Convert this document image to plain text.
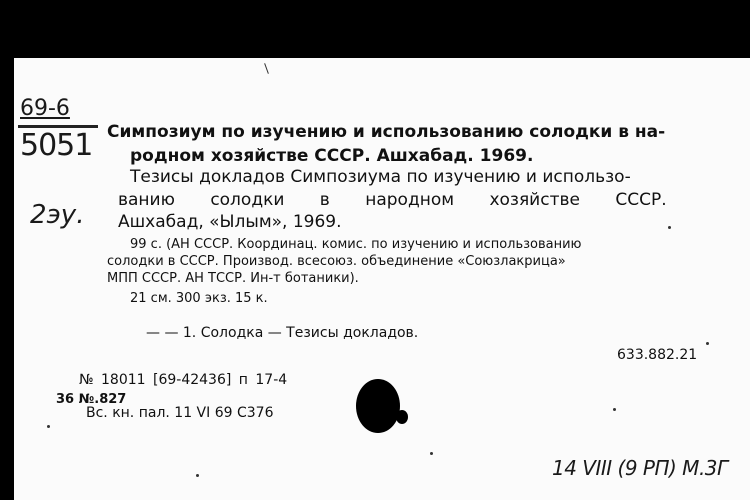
69-6
5051 Симпозиум по изучению и использованию солодки в на-
родном хозяйстве СССР. Ашхабад. 1969.
Тезисы докладов Симпозиума по изучению и использо-
ванию солодки в народном хозяйстве СССР.
Ашхабад, «Ылым», 1969.
2эу.
99 с. (АН СССР. Координац. комис. по изучению и использованию
солодки в СССР. Производ. всесоюз. объединение «Союзлакрица»
МПП СССР. АН ТССР. Ин-т ботаники).
21 см. 300 экз. 15 к.
— — 1. Солодка — Тезисы докладов.
633.882.21
№ 18011 [69-42436] п 17-4
36 №.827
Вс. кн. пал. 11 VI 69 С376
14 VIII (9 РП) М.3Г
